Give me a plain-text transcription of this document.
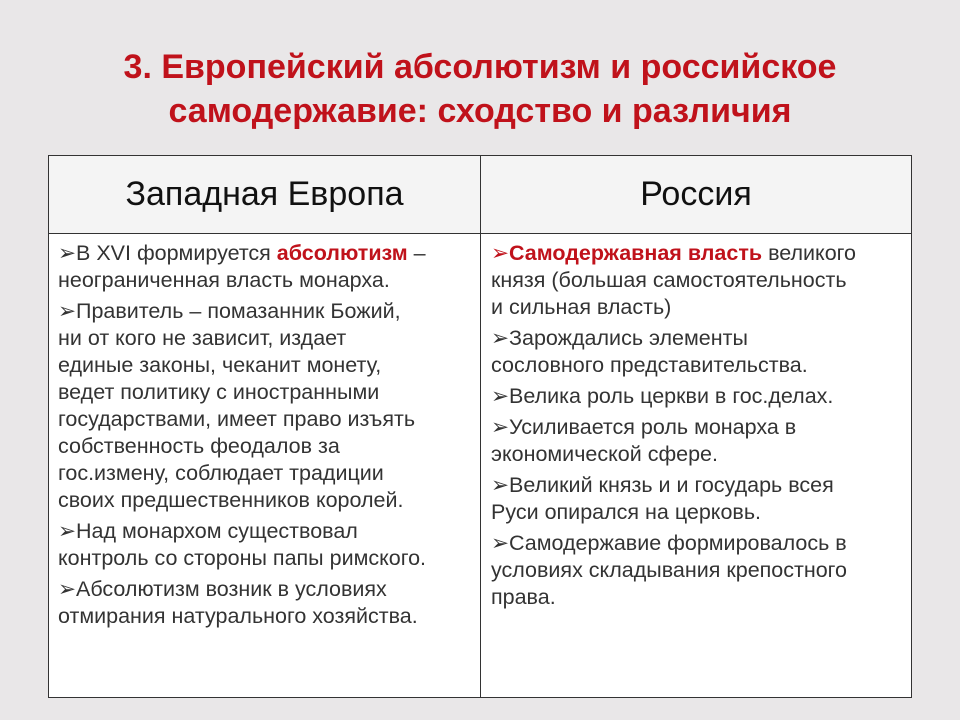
3. Европейский абсолютизм и российское
самодержавие: сходство и различия
Западная Европа	Россия
➢В XVI формируется абсолютизм –
неограниченная власть монарха.
➢Правитель – помазанник Божий,
ни от кого не зависит, издает
единые законы, чеканит монету,
ведет политику с иностранными
государствами, имеет право изъять
собственность феодалов за
гос.измену, соблюдает традиции
своих предшественников королей.
➢Над монархом существовал
контроль со стороны папы римского.
➢Абсолютизм возник в условиях
отмирания натурального хозяйства.
➢Самодержавная власть великого
князя (большая самостоятельность
и сильная власть)
➢Зарождались элементы
сословного представительства.
➢Велика роль церкви в гос.делах.
➢Усиливается роль монарха в
экономической сфере.
➢Великий князь и и государь всея
Руси опирался на церковь.
➢Самодержавие формировалось в
условиях складывания крепостного
права.
